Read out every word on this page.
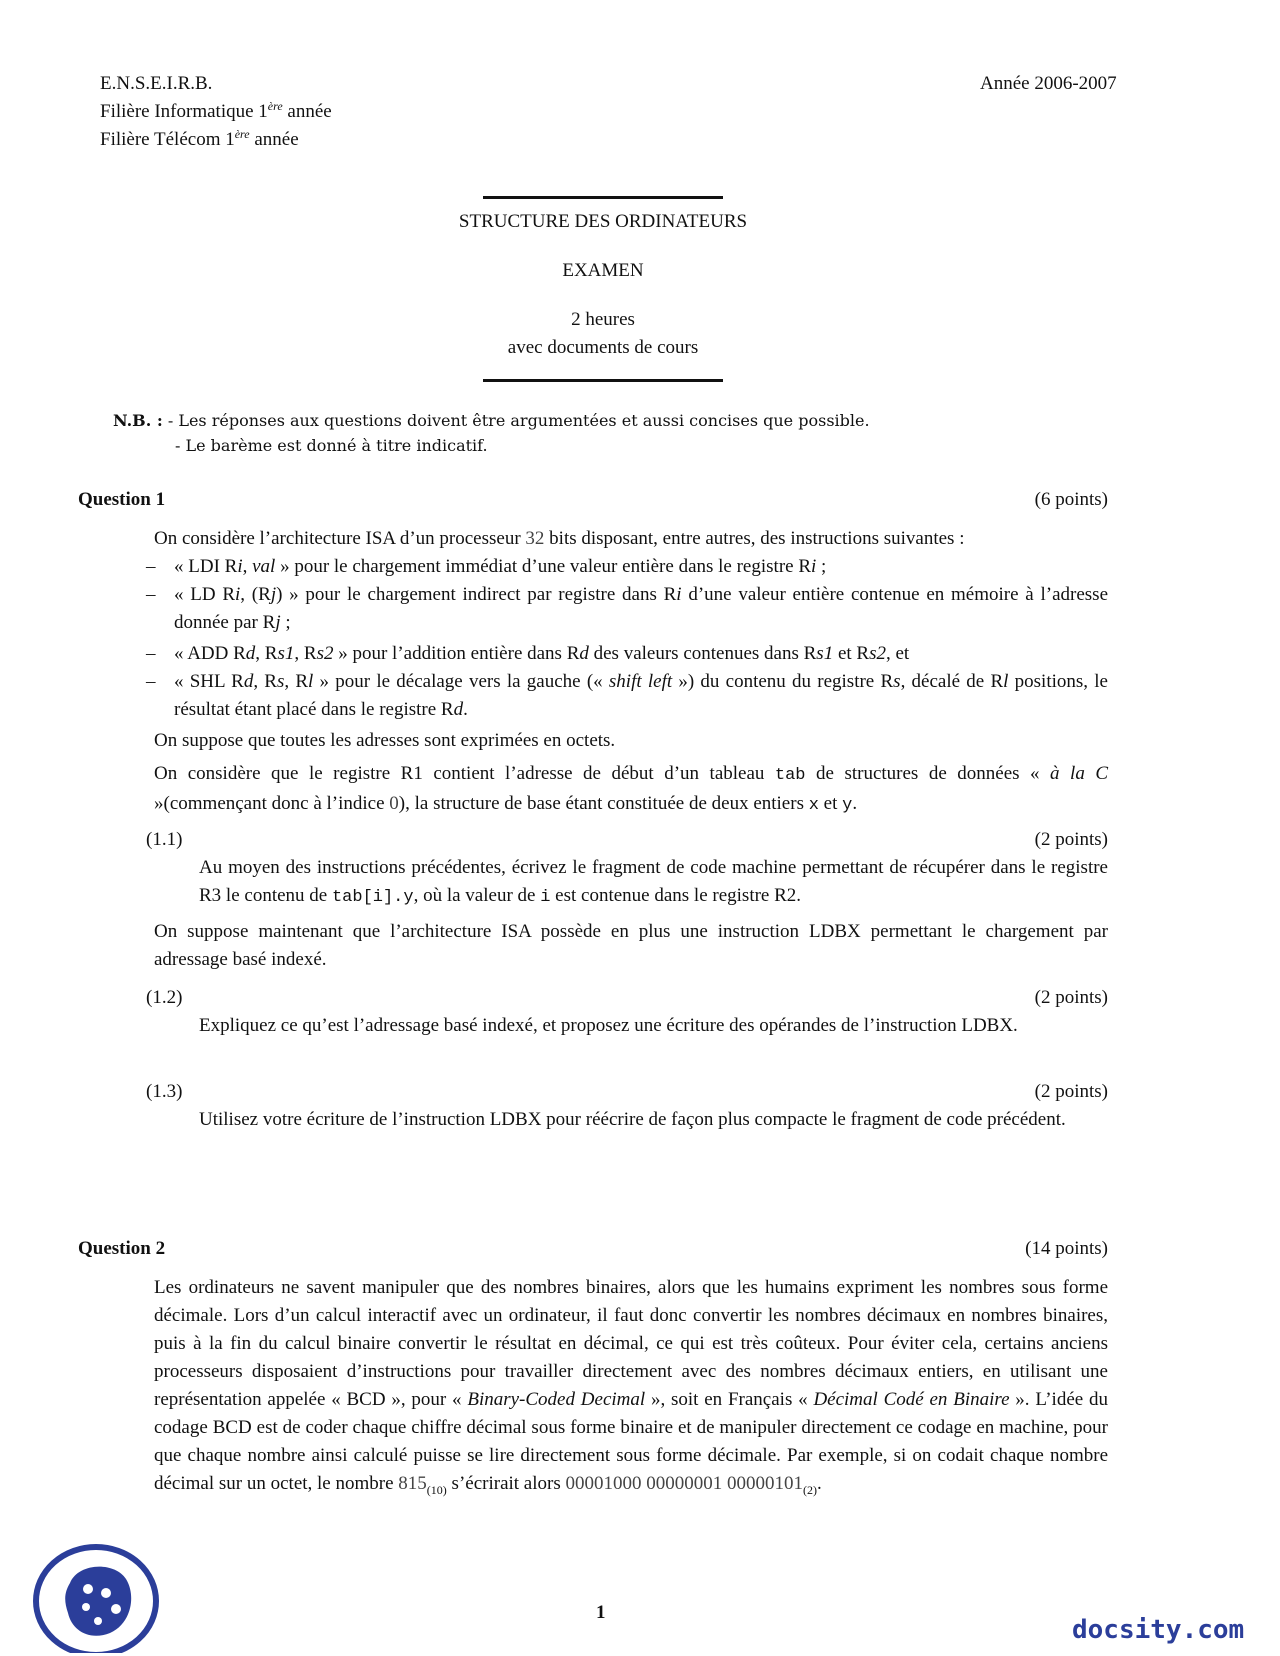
E.N.S.E.I.R.B.	Année 2006-2007
Filière Informatique 1ère année
Filière Télécom 1ère année
STRUCTURE DES ORDINATEURS
EXAMEN
2 heures
avec documents de cours
N.B. : - Les réponses aux questions doivent être argumentées et aussi concises que possible.
- Le barème est donné à titre indicatif.
Question 1	(6 points)
On considère l’architecture ISA d’un processeur 32 bits disposant, entre autres, des instructions suivantes :
– « LDI Ri, val » pour le chargement immédiat d’une valeur entière dans le registre Ri ;
– « LD Ri, (Rj) » pour le chargement indirect par registre dans Ri d’une valeur entière contenue en mémoire à l’adresse donnée par Rj ;
– « ADD Rd, Rs1, Rs2 » pour l’addition entière dans Rd des valeurs contenues dans Rs1 et Rs2, et
– « SHL Rd, Rs, Rl » pour le décalage vers la gauche (« shift left ») du contenu du registre Rs, décalé de Rl positions, le résultat étant placé dans le registre Rd.
On suppose que toutes les adresses sont exprimées en octets.
On considère que le registre R1 contient l’adresse de début d’un tableau tab de structures de données « à la C »(commençant donc à l’indice 0), la structure de base étant constituée de deux entiers x et y.
(1.1)	(2 points)
Au moyen des instructions précédentes, écrivez le fragment de code machine permettant de récupérer dans le registre R3 le contenu de tab[i].y, où la valeur de i est contenue dans le registre R2.
On suppose maintenant que l’architecture ISA possède en plus une instruction LDBX permettant le chargement par adressage basé indexé.
(1.2)	(2 points)
Expliquez ce qu’est l’adressage basé indexé, et proposez une écriture des opérandes de l’instruction LDBX.
(1.3)	(2 points)
Utilisez votre écriture de l’instruction LDBX pour réécrire de façon plus compacte le fragment de code précédent.
Question 2	(14 points)
Les ordinateurs ne savent manipuler que des nombres binaires, alors que les humains expriment les nombres sous forme décimale. Lors d’un calcul interactif avec un ordinateur, il faut donc convertir les nombres décimaux en nombres binaires, puis à la fin du calcul binaire convertir le résultat en décimal, ce qui est très coûteux. Pour éviter cela, certains anciens processeurs disposaient d’instructions pour travailler directement avec des nombres décimaux entiers, en utilisant une représentation appelée « BCD », pour « Binary-Coded Decimal », soit en Français « Décimal Codé en Binaire ». L’idée du codage BCD est de coder chaque chiffre décimal sous forme binaire et de manipuler directement ce codage en machine, pour que chaque nombre ainsi calculé puisse se lire directement sous forme décimale. Par exemple, si on codait chaque nombre décimal sur un octet, le nombre $815_{(10)}$ s’écrirait alors 00001000 00000001 $00000101_{(2)}$.
1
docsity.com
